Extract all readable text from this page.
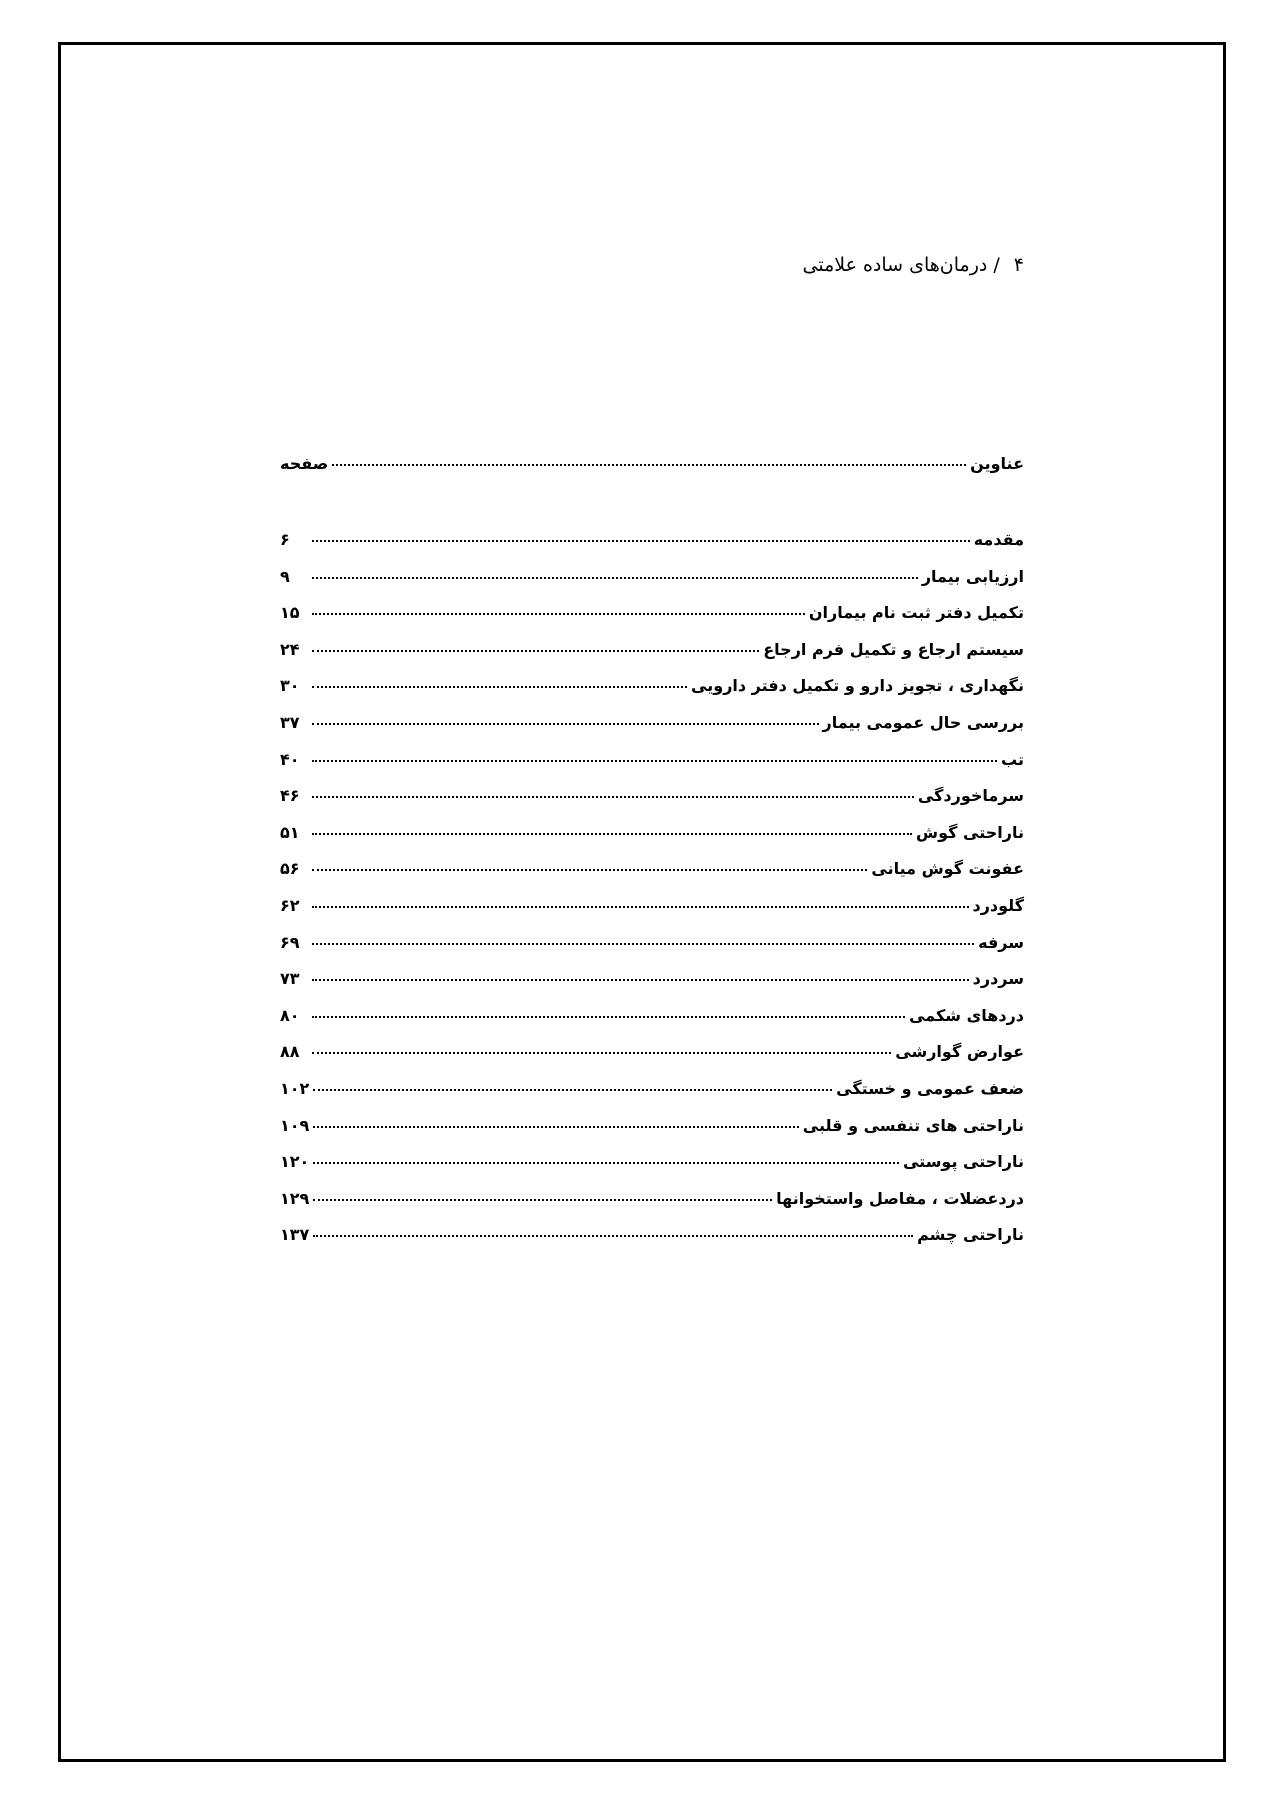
۴/درمان‌های ساده علامتی
عناوین
صفحه
مقدمه
۶
ارزیابی بیمار
۹
تکمیل دفتر ثبت نام بیماران
۱۵
سیستم ارجاع و تکمیل فرم ارجاع
۲۴
نگهداری ، تجویز دارو و تکمیل دفتر دارویی
۳۰
بررسی حال عمومی بیمار
۳۷
تب
۴۰
سرماخوردگی
۴۶
ناراحتی گوش
۵۱
عفونت گوش میانی
۵۶
گلودرد
۶۲
سرفه
۶۹
سردرد
۷۳
دردهای شکمی
۸۰
عوارض گوارشی
۸۸
ضعف عمومی و خستگی
۱۰۲
ناراحتی های تنفسی و قلبی
۱۰۹
ناراحتی پوستی
۱۲۰
دردعضلات ، مفاصل واستخوانها
۱۲۹
ناراحتی چشم
۱۳۷
